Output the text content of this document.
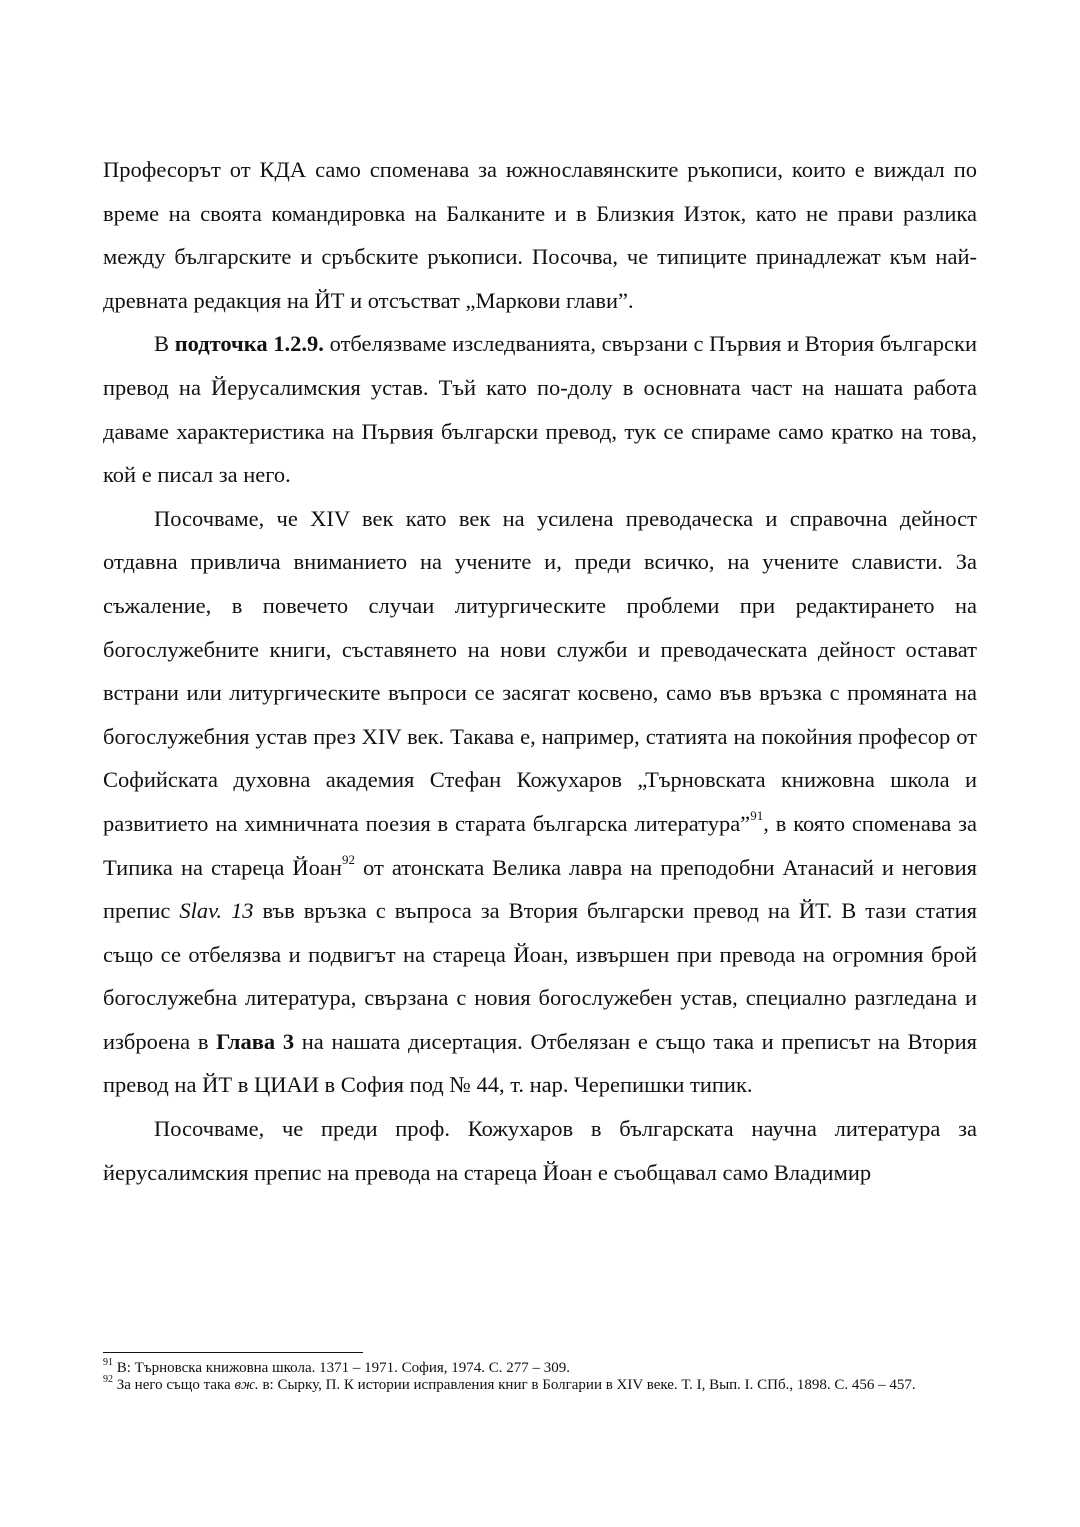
Професорът от КДА само споменава за южнославянските ръкописи, които е виждал по време на своята командировка на Балканите и в Близкия Изток, като не прави разлика между българските и сръбските ръкописи. Посочва, че типиците принадлежат към най-древната редакция на ЙТ и отсъстват „Маркови глави”.

В подточка 1.2.9. отбелязваме изследванията, свързани с Първия и Втория български превод на Йерусалимския устав. Тъй като по-долу в основната част на нашата работа даваме характеристика на Първия български превод, тук се спираме само кратко на това, кой е писал за него.

Посочваме, че XIV век като век на усилена преводаческа и справочна дейност отдавна привлича вниманието на учените и, преди всичко, на учените слависти. За съжаление, в повечето случаи литургическите проблеми при редактирането на богослужебните книги, съставянето на нови служби и преводаческата дейност остават встрани или литургическите въпроси се засягат косвено, само във връзка с промяната на богослужебния устав през XIV век. Такава е, например, статията на покойния професор от Софийската духовна академия Стефан Кожухаров „Търновската книжовна школа и развитието на химничната поезия в старата българска литература”$^{91}$, в която споменава за Типика на стареца Йоан$^{92}$ от атонската Велика лавра на преподобни Атанасий и неговия препис Slav. 13 във връзка с въпроса за Втория български превод на ЙТ. В тази статия също се отбелязва и подвигът на стареца Йоан, извършен при превода на огромния брой богослужебна литература, свързана с новия богослужебен устав, специално разгледана и изброена в Глава 3 на нашата дисертация. Отбелязан е също така и преписът на Втория превод на ЙТ в ЦИАИ в София под № 44, т. нар. Черепишки типик.

Посочваме, че преди проф. Кожухаров в българската научна литература за йерусалимския препис на превода на стареца Йоан е съобщавал само Владимир

$^{91}$ В: Търновска книжовна школа. 1371 – 1971. София, 1974. С. 277 – 309.

$^{92}$ За него също така вж. в: Сырку, П. К истории исправления книг в Болгарии в XIV веке. Т. I, Вып. I. СПб., 1898. С. 456 – 457.
